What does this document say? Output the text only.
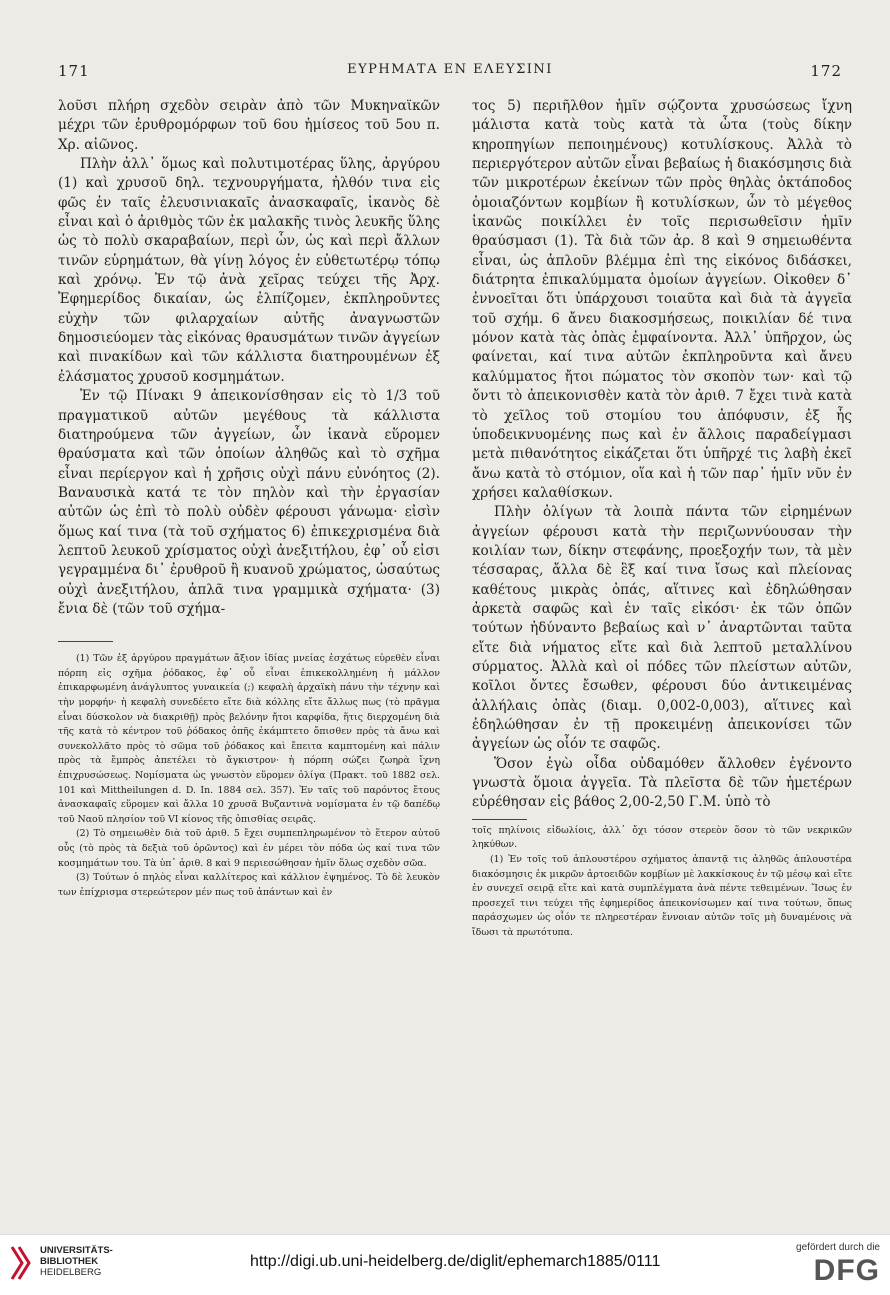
171	ΕΥΡΗΜΑΤΑ ΕΝ ΕΛΕΥΣΙΝΙ	172

λοῦσι πλήρη σχεδὸν σειρὰν ἀπὸ τῶν Μυκηναϊκῶν μέχρι τῶν ἐρυθρομόρφων τοῦ 6ου ἡμίσεος τοῦ 5ου π. Χρ. αἰῶνος.

Πλὴν ἀλλ᾿ ὅμως καὶ πολυτιμοτέρας ὕλης, ἀργύρου (1) καὶ χρυσοῦ δηλ. τεχνουργήματα, ἠλθόν τινα εἰς φῶς ἐν ταῖς ἐλευσινιακαῖς ἀνασκαφαῖς, ἱκανὸς δὲ εἶναι καὶ ὁ ἀριθμὸς τῶν ἐκ μαλακῆς τινὸς λευκῆς ὕλης ὡς τὸ πολὺ σκαραβαίων, περὶ ὧν, ὡς καὶ περὶ ἄλλων τινῶν εὑρημάτων, θὰ γίνῃ λόγος ἐν εὐθετωτέρῳ τόπῳ καὶ χρόνῳ. Ἐν τῷ ἀνὰ χεῖρας τεύχει τῆς Ἀρχ. Ἐφημερίδος δικαίαν, ὡς ἐλπίζομεν, ἐκπληροῦντες εὐχὴν τῶν φιλαρχαίων αὐτῆς ἀναγνωστῶν δημοσιεύομεν τὰς εἰκόνας θραυσμάτων τινῶν ἀγγείων καὶ πινακίδων καὶ τῶν κάλλιστα διατηρουμένων ἐξ ἐλάσματος χρυσοῦ κοσμημάτων.

Ἐν τῷ Πίνακι 9 ἀπεικονίσθησαν εἰς τὸ 1/3 τοῦ πραγματικοῦ αὐτῶν μεγέθους τὰ κάλλιστα διατηρούμενα τῶν ἀγγείων, ὧν ἱκανὰ εὕρομεν θραύσματα καὶ τῶν ὁποίων ἀληθῶς καὶ τὸ σχῆμα εἶναι περίεργον καὶ ἡ χρῆσις οὐχὶ πάνυ εὐνόητος (2). Βαναυσικὰ κατά τε τὸν πηλὸν καὶ τὴν ἐργασίαν αὐτῶν ὡς ἐπὶ τὸ πολὺ οὐδὲν φέρουσι γάνωμα· εἰσὶν ὅμως καί τινα (τὰ τοῦ σχήματος 6) ἐπικεχρισμένα διὰ λεπτοῦ λευκοῦ χρίσματος οὐχὶ ἀνεξιτήλου, ἐφ᾿ οὗ εἰσι γεγραμμένα δι᾿ ἐρυθροῦ ἢ κυανοῦ χρώματος, ὡσαύτως οὐχὶ ἀνεξιτήλου, ἁπλᾶ τινα γραμμικὰ σχήματα· (3) ἔνια δὲ (τῶν τοῦ σχήμα-

(1) Τῶν ἐξ ἀργύρου πραγμάτων ἄξιον ἰδίας μνείας ἐσχάτως εὑρεθὲν εἶναι πόρπη εἰς σχῆμα ῥόδακος, ἐφ᾿ οὗ εἶναι ἐπικεκολλημένη ἡ μάλλον ἐπικαρφωμένη ἀνάγλυπτος γυναικεία (;) κεφαλὴ ἀρχαϊκὴ πάνυ τὴν τέχνην καὶ τὴν μορφήν· ἡ κεφαλὴ συνεδέετο εἴτε διὰ κόλλης εἴτε ἄλλως πως (τὸ πρᾶγμα εἶναι δύσκολον νὰ διακριθῇ) πρὸς βελόνην ἤτοι καρφίδα, ἥτις διερχομένη διὰ τῆς κατὰ τὸ κέντρον τοῦ ῥόδακος ὀπῆς ἐκάμπτετο ὄπισθεν πρὸς τὰ ἄνω καὶ συνεκολλᾶτο πρὸς τὸ σῶμα τοῦ ῥόδακος καὶ ἔπειτα καμπτομένη καὶ πάλιν πρὸς τὰ ἔμπρὸς ἀπετέλει τὸ ἄγκιστρον· ἡ πόρπη σώζει ζωηρὰ ἴχνη ἐπιχρυσώσεως. Νομίσματα ὡς γνωστὸν εὕρομεν ὀλίγα (Πρακτ. τοῦ 1882 σελ. 101 καὶ Mittheilungen d. D. In. 1884 σελ. 357). Ἐν ταῖς τοῦ παρόντος ἔτους ἀνασκαφαῖς εὕρομεν καὶ ἄλλα 10 χρυσᾶ Βυζαντινὰ νομίσματα ἐν τῷ δαπέδῳ τοῦ Ναοῦ πλησίον τοῦ VI κίονος τῆς ὀπισθίας σειρᾶς.

(2) Τὸ σημειωθὲν διὰ τοῦ ἀριθ. 5 ἔχει συμπεπληρωμένον τὸ ἕτερον αὐτοῦ οὖς (τὸ πρὸς τὰ δεξιὰ τοῦ ὁρῶντος) καὶ ἐν μέρει τὸν πόδα ὡς καί τινα τῶν κοσμημάτων του. Τὰ ὑπ᾿ ἀριθ. 8 καὶ 9 περιεσώθησαν ἡμῖν ὅλως σχεδὸν σῶα.

(3) Τούτων ὁ πηλὸς εἶναι καλλίτερος καὶ κάλλιον ἐψημένος. Τὸ δὲ λευκὸν των ἐπίχρισμα στερεώτερον μέν πως τοῦ ἁπάντων καὶ ἐν

τος 5) περιῆλθον ἡμῖν σῴζοντα χρυσώσεως ἴχνη μάλιστα κατὰ τοὺς κατὰ τὰ ὦτα (τοὺς δίκην κηροπηγίων πεποιημένους) κοτυλίσκους. Ἀλλὰ τὸ περιεργότερον αὐτῶν εἶναι βεβαίως ἡ διακόσμησις διὰ τῶν μικροτέρων ἐκείνων τῶν πρὸς θηλὰς ὀκτάποδος ὁμοιαζόντων κομβίων ἢ κοτυλίσκων, ὧν τὸ μέγεθος ἱκανῶς ποικίλλει ἐν τοῖς περισωθεῖσιν ἡμῖν θραύσμασι (1). Τὰ διὰ τῶν ἀρ. 8 καὶ 9 σημειωθέντα εἶναι, ὡς ἁπλοῦν βλέμμα ἐπὶ της εἰκόνος διδάσκει, διάτρητα ἐπικαλύμματα ὁμοίων ἀγγείων. Οἰκοθεν δ᾿ ἐννοεῖται ὅτι ὑπάρχουσι τοιαῦτα καὶ διὰ τὰ ἀγγεῖα τοῦ σχήμ. 6 ἄνευ διακοσμήσεως, ποικιλίαν δέ τινα μόνον κατὰ τὰς ὀπὰς ἐμφαίνοντα. Ἀλλ᾿ ὑπῆρχον, ὡς φαίνεται, καί τινα αὐτῶν ἐκπληροῦντα καὶ ἄνευ καλύμματος ἤτοι πώματος τὸν σκοπὸν των· καὶ τῷ ὄντι τὸ ἀπεικονισθὲν κατὰ τὸν ἀριθ. 7 ἔχει τινὰ κατὰ τὸ χεῖλος τοῦ στομίου του ἀπόφυσιν, ἐξ ἧς ὑποδεικνυομένης πως καὶ ἐν ἄλλοις παραδείγμασι μετὰ πιθανότητος εἰκάζεται ὅτι ὑπῆρχέ τις λαβὴ ἐκεῖ ἄνω κατὰ τὸ στόμιον, οἵα καὶ ἡ τῶν παρ᾿ ἡμῖν νῦν ἐν χρήσει καλαθίσκων.

Πλὴν ὀλίγων τὰ λοιπὰ πάντα τῶν εἰρημένων ἀγγείων φέρουσι κατὰ τὴν περιζωννύουσαν τὴν κοιλίαν των, δίκην στεφάνης, προεξοχήν των, τὰ μὲν τέσσαρας, ἄλλα δὲ ἓξ καί τινα ἴσως καὶ πλείονας καθέτους μικρὰς ὀπάς, αἵτινες καὶ ἐδηλώθησαν ἀρκετὰ σαφῶς καὶ ἐν ταῖς εἰκόσι· ἐκ τῶν ὀπῶν τούτων ἠδύναντο βεβαίως καὶ ν᾿ ἀναρτῶνται ταῦτα εἴτε διὰ νήματος εἴτε καὶ διὰ λεπτοῦ μεταλλίνου σύρματος. Ἀλλὰ καὶ οἱ πόδες τῶν πλείστων αὐτῶν, κοῖλοι ὄντες ἔσωθεν, φέρουσι δύο ἀντικειμένας ἀλλήλαις ὀπὰς (διαμ. 0,002-0,003), αἵτινες καὶ ἐδηλώθησαν ἐν τῇ προκειμένῃ ἀπεικονίσει τῶν ἀγγείων ὡς οἷόν τε σαφῶς.

Ὅσον ἐγὼ οἶδα οὐδαμόθεν ἄλλοθεν ἐγένοντο γνωστὰ ὅμοια ἀγγεῖα. Τὰ πλεῖστα δὲ τῶν ἡμετέρων εὑρέθησαν εἰς βάθος 2,00-2,50 Γ.Μ. ὑπὸ τὸ

τοῖς πηλίνοις εἰδωλίοις, ἀλλ᾿ ὄχι τόσον στερεὸν ὅσον τὸ τῶν νεκρικῶν ληκύθων.

(1) Ἐν τοῖς τοῦ ἁπλουστέρου σχήματος ἁπαντᾷ τις ἀληθῶς ἁπλουστέρα διακόσμησις ἐκ μικρῶν ἀρτοειδῶν κομβίων μὲ λακκίσκους ἐν τῷ μέσῳ καὶ εἴτε ἐν συνεχεῖ σειρᾷ εἴτε καὶ κατὰ συμπλέγματα ἀνὰ πέντε τεθειμένων. Ἴσως ἐν προσεχεῖ τινι τεύχει τῆς ἐφημερίδος ἀπεικονίσωμεν καί τινα τούτων, ὅπως παράσχωμεν ὡς οἷόν τε πληρεστέραν ἔννοιαν αὐτῶν τοῖς μὴ δυναμένοις νὰ ἴδωσι τὰ πρωτότυπα.

UNIVERSITÄTS-
BIBLIOTHEK
HEIDELBERG
http://digi.ub.uni-heidelberg.de/diglit/ephemarch1885/0111
gefördert durch die
DFG
